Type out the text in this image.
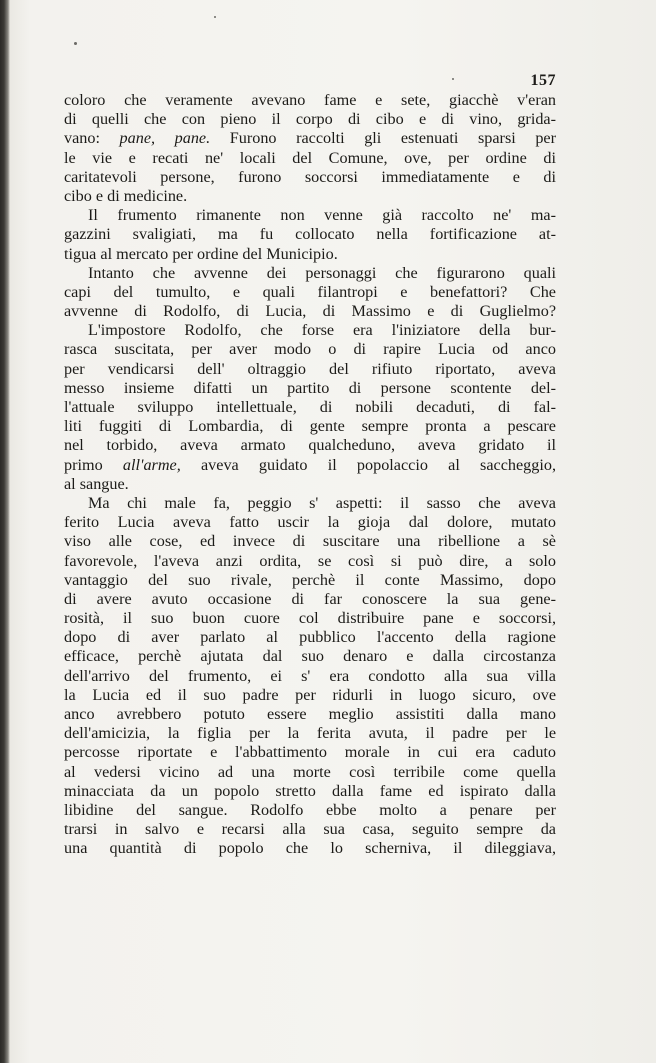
157
coloro che veramente avevano fame e sete, giacchè v'eran
di quelli che con pieno il corpo di cibo e di vino, grida-
vano: pane, pane. Furono raccolti gli estenuati sparsi per
le vie e recati ne' locali del Comune, ove, per ordine di
caritatevoli persone, furono soccorsi immediatamente e di
cibo e di medicine.
Il frumento rimanente non venne già raccolto ne' ma-
gazzini svaligiati, ma fu collocato nella fortificazione at-
tigua al mercato per ordine del Municipio.
Intanto che avvenne dei personaggi che figurarono quali
capi del tumulto, e quali filantropi e benefattori? Che
avvenne di Rodolfo, di Lucia, di Massimo e di Guglielmo?
L'impostore Rodolfo, che forse era l'iniziatore della bur-
rasca suscitata, per aver modo o di rapire Lucia od anco
per vendicarsi dell' oltraggio del rifiuto riportato, aveva
messo insieme difatti un partito di persone scontente del-
l'attuale sviluppo intellettuale, di nobili decaduti, di fal-
liti fuggiti di Lombardia, di gente sempre pronta a pescare
nel torbido, aveva armato qualcheduno, aveva gridato il
primo all'arme, aveva guidato il popolaccio al saccheggio,
al sangue.
Ma chi male fa, peggio s' aspetti: il sasso che aveva
ferito Lucia aveva fatto uscir la gioja dal dolore, mutato
viso alle cose, ed invece di suscitare una ribellione a sè
favorevole, l'aveva anzi ordita, se così si può dire, a solo
vantaggio del suo rivale, perchè il conte Massimo, dopo
di avere avuto occasione di far conoscere la sua gene-
rosità, il suo buon cuore col distribuire pane e soccorsi,
dopo di aver parlato al pubblico l'accento della ragione
efficace, perchè ajutata dal suo denaro e dalla circostanza
dell'arrivo del frumento, ei s' era condotto alla sua villa
la Lucia ed il suo padre per ridurli in luogo sicuro, ove
anco avrebbero potuto essere meglio assistiti dalla mano
dell'amicizia, la figlia per la ferita avuta, il padre per le
percosse riportate e l'abbattimento morale in cui era caduto
al vedersi vicino ad una morte così terribile come quella
minacciata da un popolo stretto dalla fame ed ispirato dalla
libidine del sangue. Rodolfo ebbe molto a penare per
trarsi in salvo e recarsi alla sua casa, seguito sempre da
una quantità di popolo che lo scherniva, il dileggiava,
